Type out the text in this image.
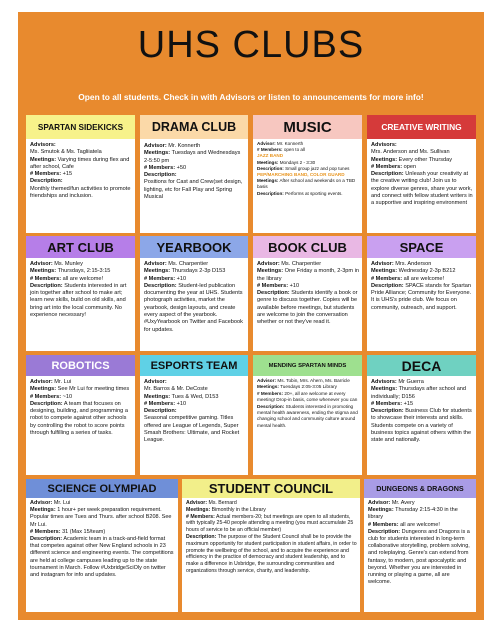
UHS CLUBS
Open to all students. Check in with Advisors or listen to announcements for more info!
SPARTAN SIDEKICKS

Advisors:

Ms. Smutok & Ms. Tagliiatela

Meetings: Varying times during flex and after school, Cafe

# Members: +15

Description:

Monthly themed/fun activities to promote friendships and inclusion.

DRAMA CLUB

Advisor: Mr. Konnerth

Meetings: Tuesdays and Wednesdays 2-5:50 pm

# Members: +50

Description:

Positions for Cast and Crew(set design, lighting, etc for Fall Play and Spring Musical

MUSIC

Advisor: Mr. Konnerth

# Members: open to all

JAZZ BAND

Meetings: Mondays 2 - 3:30

Description: Small group jazz and pop tunes

PEP/MARCHING BAND, COLOR GUARD

Meetings: After school and weekends on a TBD basis

Description: Performs at sporting events.

CREATIVE WRITING

Advisors:

Mrs. Anderson and Ms. Sullivan

Meetings: Every other Thursday

# Members: open

Description: Unleash your creativity at the creative writing club! Join us to explore diverse genres, share your work, and connect with fellow student writers in a supportive and inspiring environment

ART CLUB

Advisor: Ms. Munley

Meetings: Thursdays, 2:15-3:15

# Members: all are welcome!

Description: Students interested in art join together after school to make art; learn new skills, build on old skills, and bring art into the local community. No experience necessary!

YEARBOOK

Advisor: Ms. Charpentier

Meetings: Thursdays 2-3p D153

# Members: +10

Description: Student-led publication documenting the year at UHS. Students photograph activities, market the yearbook, design layouts, and create every aspect of the yearbook. #UxyYearbook on Twitter and Facebook for updates.

BOOK CLUB

Advisor: Ms. Charpentier

Meetings: One Friday a month, 2-3pm in the library

# Members: +10

Description: Students identify a book or genre to discuss together. Copies will be available before meetings, but students are welcome to join the conversation whether or not they've read it.

SPACE

Advisor: Mrs. Anderson

Meetings: Wednesday 2-3p B212

# Members: all are welcome!

Description: SPACE stands for Spartan Pride Alliance; Community for Everyone. It is UHS's pride club. We focus on community, outreach, and support.

ROBOTICS

Advisor: Mr. Lui

Meetings: See Mr Lui for meeting times

# Members: ~10

Description: A team that focuses on designing, building, and programming a robot to compete against other schools by controlling the robot to score points through fulfilling a series of tasks.

ESPORTS TEAM

Advisor:

Mr. Barros & Mr. DeCoste

Meetings: Tues & Wed, D153

# Members: +10

Description:

Seasonal competitive gaming. Titles offered are League of Legends, Super Smash Brothers: Ultimate, and Rocket League.

MENDING SPARTAN MINDS

Advisor: Ms. Tobin, Mrs. Ahern, Ms. Barricle

Meetings: Tuesdays 2:05-3:05 Library

# Members: 20+, all are welcome at every meeting! Drop-in basis, come whenever you can

Description: Students interested in promoting mental health awareness, ending the stigma and changing school and community culture around mental health.

DECA

Advisors: Mr Guerra

Meetings: Thursdays after school and individually; D156

# Members: +15

Description: Business Club for students to showcase their interests and skills. Students compete on a variety of business topics against others within the state and nationally.

SCIENCE OLYMPIAD

Advisor: Mr. Lui

Meetings: 1 hour+ per week preparation requirement. Popular times are Tues and Thurs. after school B208. See Mr Lui.

# Members: 31 (Max 15/team)

Description: Academic team in a track-and-field format that competes against other New England schools in 23 different science and engineering events. The competitions are held at college campuses leading up to the state tournament in March. Follow #UxbridgeSciOly on twitter and instagram for info and updates.

STUDENT COUNCIL

Advisor: Ms. Bernard

Meetings: Bimonthly in the Library

# Members: Actual members-20; but meetings are open to all students, with typically 25-40 people attending a meeting (you must accumulate 25 hours of service to be an official member)

Description: The purpose of the Student Council shall be to provide the maximum opportunity for student participation in student affairs, in order to promote the wellbeing of the school, and to acquire the experience and efficiency in the practice of democracy and student leadership, and to make a difference in Uxbridge, the surrounding communities and organizations through service, charity, and leadership.

DUNGEONS & DRAGONS

Advisor: Mr. Avery

Meetings: Thursday 2:15-4:30 in the library

# Members: all are welcome!

Description: Dungeons and Dragons is a club for students interested in long-term collaborative storytelling, problem solving, and roleplaying. Genre's can extend from fantasy, to modern, post apocalyptic and beyond. Whether you are interested in running or playing a game, all are welcome.
